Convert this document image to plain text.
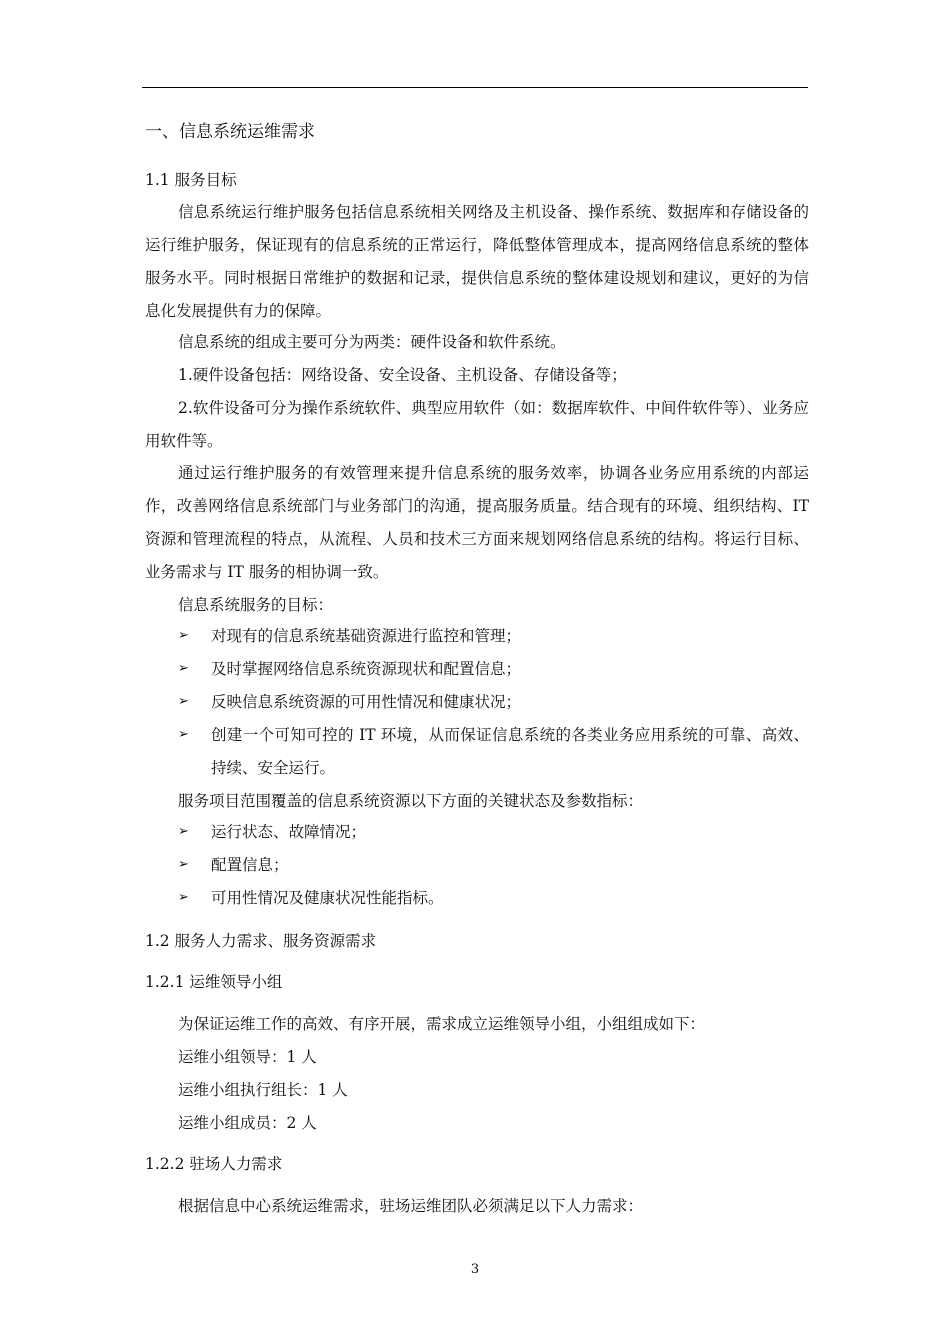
一、信息系统运维需求
1.1 服务目标
信息系统运行维护服务包括信息系统相关网络及主机设备、操作系统、数据库和存储设备的运行维护服务，保证现有的信息系统的正常运行，降低整体管理成本，提高网络信息系统的整体服务水平。同时根据日常维护的数据和记录，提供信息系统的整体建设规划和建议，更好的为信息化发展提供有力的保障。
信息系统的组成主要可分为两类：硬件设备和软件系统。
1.硬件设备包括：网络设备、安全设备、主机设备、存储设备等；
2.软件设备可分为操作系统软件、典型应用软件（如：数据库软件、中间件软件等）、业务应用软件等。
通过运行维护服务的有效管理来提升信息系统的服务效率，协调各业务应用系统的内部运作，改善网络信息系统部门与业务部门的沟通，提高服务质量。结合现有的环境、组织结构、IT 资源和管理流程的特点，从流程、人员和技术三方面来规划网络信息系统的结构。将运行目标、业务需求与 IT 服务的相协调一致。
信息系统服务的目标：
➢ 对现有的信息系统基础资源进行监控和管理；
➢ 及时掌握网络信息系统资源现状和配置信息；
➢ 反映信息系统资源的可用性情况和健康状况；
➢ 创建一个可知可控的 IT 环境，从而保证信息系统的各类业务应用系统的可靠、高效、持续、安全运行。
服务项目范围覆盖的信息系统资源以下方面的关键状态及参数指标：
➢ 运行状态、故障情况；
➢ 配置信息；
➢ 可用性情况及健康状况性能指标。
1.2 服务人力需求、服务资源需求
1.2.1 运维领导小组
为保证运维工作的高效、有序开展，需求成立运维领导小组，小组组成如下：
运维小组领导：1 人
运维小组执行组长：1 人
运维小组成员：2 人
1.2.2 驻场人力需求
根据信息中心系统运维需求，驻场运维团队必须满足以下人力需求：
3
